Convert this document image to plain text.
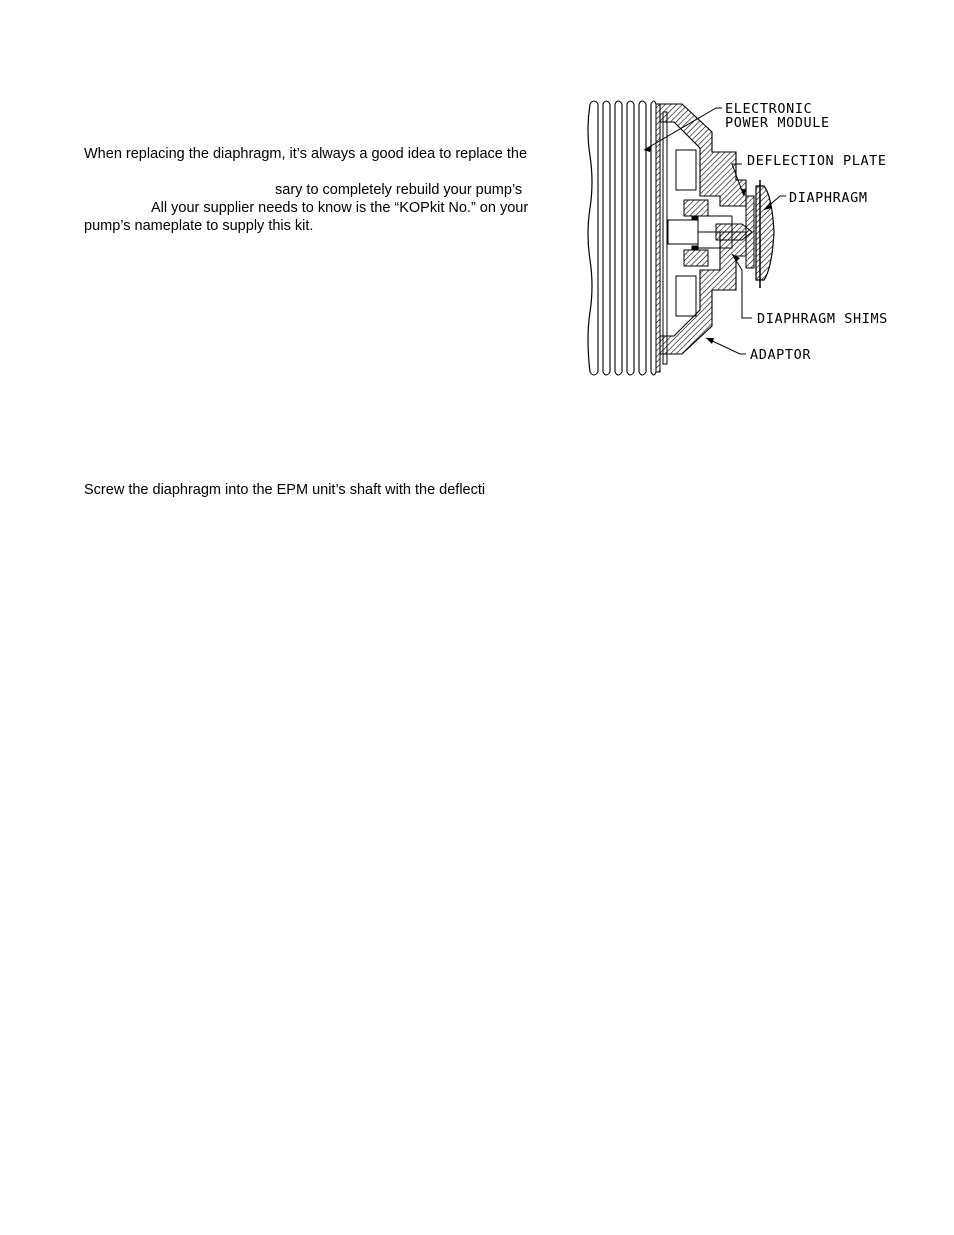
When replacing the diaphragm, it’s always a good idea to replace the
sary to completely rebuild your pump’s
All your supplier needs to know is the “KOPkit No.” on your
pump’s nameplate to supply this kit.
Screw the diaphragm into the EPM unit’s shaft with the deflecti
ELECTRONIC
POWER MODULE
DEFLECTION PLATE
DIAPHRAGM
DIAPHRAGM SHIMS
ADAPTOR
